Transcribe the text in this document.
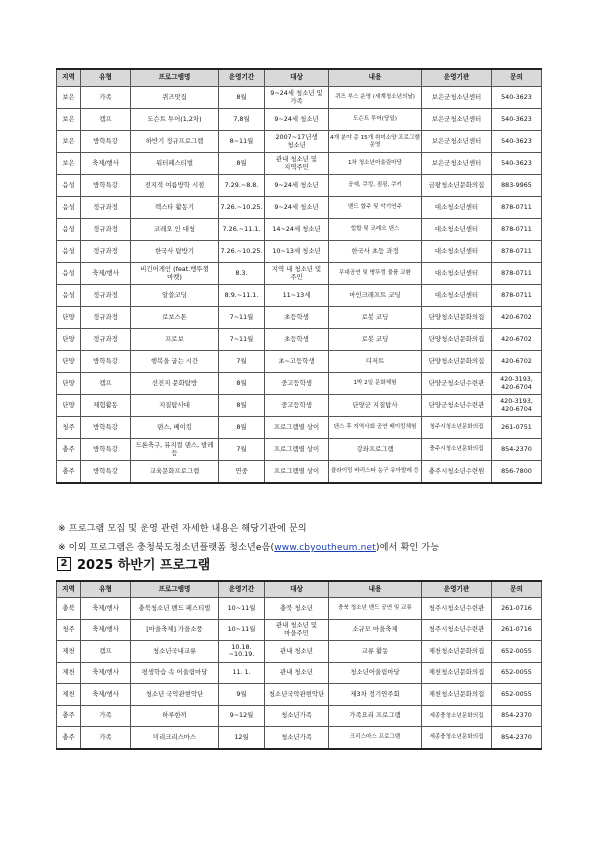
지역	유형	프로그램명	운영기간	대상	내용	운영기관	문의
보은	가족	퀴즈맛집	8월	9~24세 청소년 및 가족	퀴즈 부스 운영 (세계청소년의날)	보은군청소년센터	540-3623
보은	캠프	도슨트 투어(1,2차)	7,8월	9~24세 청소년	도슨트 투어(당일)	보은군청소년센터	540-3623
보은	방학특강	하반기 정규프로그램	8~11월	2007~17년생 청소년	4개 분야 총 15개 취미소양 프로그램 운영	보은군청소년센터	540-3623
보은	축제/행사	워터페스티벌	8월	관내 청소년 및 지역주민	1차 청소년어울림마당	보은군청소년센터	540-3623
음성	방학특강	전지적 여름방학 시점	7.29.~8.8.	9~24세 청소년	공예, 쿠킹, 점핑, 쿠키	금왕청소년문화의집	883-9965
음성	정규과정	렉스타 활동기	7.26.~10.25.	9~24세 청소년	밴드 합주 및 악기연주	대소청소년센터	878-0711
음성	정규과정	코레오 인 대청	7.26.~11.1.	14~24세 청소년	힙합 및 코레오 댄스	대소청소년센터	878-0711
음성	정규과정	한국사 탐방기	7.26.~10.25.	10~13세 청소년	한국사 초등 과정	대소청소년센터	878-0711
음성	축제/행사	비긴어게인 (feat.뱅뚜껑 마켓)	8.3.	지역 내 청소년 및 주민	무대공연 및 병뚜껑 물품 교환	대소청소년센터	878-0711
음성	정규과정	알쓸코딩	8.9.~11.1.	11~13세	마인크래프트 코딩	대소청소년센터	878-0711
단양	정규과정	로보스톤	7~11월	초등학생	로봇 코딩	단양청소년문화의집	420-6702
단양	정규과정	프로보	7~11월	초등학생	로봇 코딩	단양청소년문화의집	420-6702
단양	방학특강	행복을 굽는 시간	7월	초~고등학생	디저트	단양청소년문화의집	420-6702
단양	캠프	선진지 문화탐방	8월	중고등학생	1박 2일 문화체험	단양군청소년수련관	420-3193, 420-6704
단양	체험활동	지질탐사대	8월	중고등학생	단양군 지질탐사	단양군청소년수련관	420-3193, 420-6704
청주	방학특강	댄스, 베이킹	8월	프로그램별 상이	댄스 후 지역사회 공연 베이킹체험	청주시청소년문화의집	261-0751
충주	방학특강	드론축구, 뮤지컬 댄스, 발레 등	7월	프로그램별 상이	강좌프로그램	충주시청소년문화의집	854-2370
충주	방학특강	교육문화프로그램	연중	프로그램별 상이	클라이밍 바리스타 농구 유아발레 등	충주시청소년수련원	856-7800
※ 프로그램 모집 및 운영 관련 자세한 내용은 해당기관에 문의
※ 이외 프로그램은 충청북도청소년플랫폼 청소년e음(www.cbyoutheum.net)에서 확인 가능
2 2025 하반기 프로그램
지역	유형	프로그램명	운영기간	대상	내용	운영기관	문의
충북	축제/행사	충북청소년 밴드 페스티벌	10~11월	충북 청소년	충북 청소년 밴드 공연 및 교류	청주시청소년수련관	261-0716
청주	축제/행사	[마을축제] 가을소풍	10~11월	관내 청소년 및 마을주민	소규모 마을축제	청주시청소년수련관	261-0716
제천	캠프	청소년국내교류	10.18. ~10.19.	관내 청소년	교류 활동	제천청소년문화의집	652-0055
제천	축제/행사	평생학습 속 어울림마당	11. 1.	관내 청소년	청소년어울림마당	제천청소년문화의집	652-0055
제천	축제/행사	청소년 국악관현악단	9월	청소년국악관현악단	제3차 정기연주회	제천청소년문화의집	652-0055
충주	가족	하루한끼	9~12월	청소년가족	가족요리 프로그램	세종충청소년문화의집	854-2370
충주	가족	미리크리스마스	12월	청소년가족	크리스마스 프로그램	세종충청소년문화의집	854-2370
